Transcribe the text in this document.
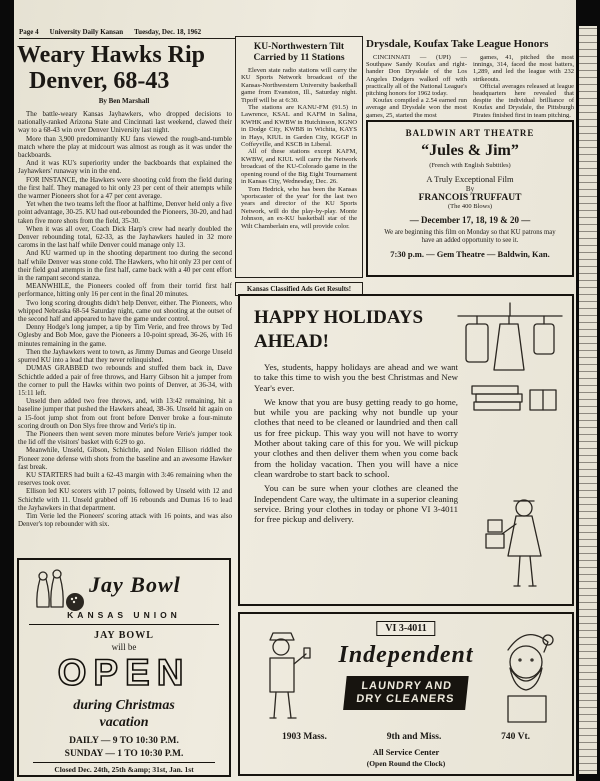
Page 4 University Daily Kansan Tuesday, Dec. 18, 1962
Weary Hawks Rip
Denver, 68-43
By Ben Marshall

The battle-weary Kansas Jayhawkers, who dropped decisions to nationally-ranked Arizona State and Cincinnati last weekend, clawed their way to a 68-43 win over Denver University last night.

More than 3,900 predominantly KU fans viewed the rough-and-tumble match where the play at midcourt was almost as rough as it was under the backboards.

And it was KU's superiority under the backboards that explained the Jayhawkers' runaway win in the end.

FOR INSTANCE, the Hawkers were shooting cold from the field during the first half. They managed to hit only 23 per cent of their attempts while the warmer Pioneers shot for a 47 per cent average.

Yet when the two teams left the floor at halftime, Denver held only a five point advantage, 30-25. KU had out-rebounded the Pioneers, 30-20, and had taken five more shots from the field, 35-30.

When it was all over, Coach Dick Harp's crew had nearly doubled the Denver rebounding total, 62-33, as the Jayhawkers hauled in 32 more caroms in the last half while Denver could manage only 13.

And KU warmed up in the shooting department too during the second half while Denver was stone cold. The Hawkers, who hit only 23 per cent of their field goal attempts in the first half, came back with a 40 per cent effort in the rampant second stanza.

MEANWHILE, the Pioneers cooled off from their torrid first half performance, hitting only 16 per cent in the final 20 minutes.

Two long scoring droughts didn't help Denver, either. The Pioneers, who whipped Nebraska 68-54 Saturday night, came out shooting at the outset of the second half and appeared to have the game under control.

Denny Hodge's long jumper, a tip by Tim Verie, and free throws by Ted Oglesby and Bob Moe, gave the Pioneers a 10-point spread, 36-26, with 16 minutes remaining in the game.

Then the Jayhawkers went to town, as Jimmy Dumas and George Unseld spurred KU into a lead that they never relinquished.

DUMAS GRABBED two rebounds and stuffed them back in, Dave Schichtle added a pair of free throws, and Harry Gibson hit a jumper from the corner to pull the Hawks within two points of Denver, at 36-34, with 15:11 left.

Unseld then added two free throws, and, with 13:42 remaining, hit a baseline jumper that pushed the Hawkers ahead, 38-36. Unseld hit again on a 15-foot jump shot from out front before Denver broke a four-minute scoring drouth on Don Slys free throw and Verie's tip in.

The Pioneers then went seven more minutes before Verie's jumper took the lid off the visitors' basket with 6:29 to go.

Meanwhile, Unseld, Gibson, Schichtle, and Nolen Ellison riddled the Pioneer zone defense with shots from the baseline and an awesome Hawker fast break.

KU STARTERS had built a 62-43 margin with 3:46 remaining when the reserves took over.

Ellison led KU scorers with 17 points, followed by Unseld with 12 and Schichtle with 11. Unseld grabbed off 16 rebounds and Dumas 16 to lead the Jayhawkers in that department.

Tim Verie led the Pioneers' scoring attack with 16 points, and was also Denver's top rebounder with six.

KU-Northwestern Tilt
Carried by 11 Stations

Eleven state radio stations will carry the KU Sports Network broadcast of the Kansas-Northwestern University basketball game from Evanston, Ill., Saturday night. Tipoff will be at 6:30.

The stations are KANU-FM (91.5) in Lawrence, KSAL and KAFM in Salina, KWHK and KWBW in Hutchinson, KGNO in Dodge City, KWBB in Wichita, KAYS in Hays, KIUL in Garden City, KGGF in Coffeyville, and KSCB in Liberal.

All of these stations except KAFM, KWBW, and KIUL will carry the Network broadcast of the KU-Colorado game in the opening round of the Big Eight Tournament in Kansas City, Wednesday, Dec. 26.

Tom Hedrick, who has been the Kansas 'sportscaster of the year' for the last two years and director of the KU Sports Network, will do the play-by-play. Monte Johnson, an ex-KU basketball star of the Wilt Chamberlain era, will provide color.

Kansas Classified Ads Get Results!
Drysdale, Koufax Take League Honors

CINCINNATI — (UPI) — Southpaw Sandy Koufax and right-hander Don Drysdale of the Los Angeles Dodgers walked off with practically all of the National League's pitching honors for 1962 today.

Koufax compiled a 2.54 earned run average and Drysdale won the most games, 25, started the most

games, 41, pitched the most innings, 314, faced the most batters, 1,289, and led the league with 232 strikeouts.

Official averages released at league headquarters here revealed that despite the individual brilliance of Koufax and Drysdale, the Pittsburgh Pirates finished first in team pitching.

BALDWIN ART THEATRE
“Jules & Jim”
(French with English Subtitles)
A Truly Exceptional Film
By
FRANCOIS TRUFFAUT
(The 400 Blows)
— December 17, 18, 19 & 20 —
We are beginning this film on Monday so that KU patrons may have an added opportunity to see it.
7:30 p.m. — Gem Theatre — Baldwin, Kan.
HAPPY HOLIDAYS
AHEAD!

Yes, students, happy holidays are ahead and we want to take this time to wish you the best Christmas and New Year's ever.

We know that you are busy getting ready to go home, but while you are packing why not bundle up your clothes that need to be cleaned or laundried and then call us for free pickup. This way you will not have to worry Mother about taking care of this for you. We will pickup your clothes and then deliver them when you come back from the holiday vacation. Then you will have a nice clean wardrobe to start back to school.

You can be sure when your clothes are cleaned the Independent Care way, the ultimate in a superior cleaning service. Bring your clothes in today or phone VI 3-4011 for free pickup and delivery.

VI 3-4011
Independent
LAUNDRY AND
DRY CLEANERS
1903 Mass.	9th and Miss.	740 Vt.
All Service Center
(Open Round the Clock)
Jay Bowl
KANSAS UNION
JAY BOWL
will be
OPEN
during Christmas
vacation
DAILY — 9 TO 10:30 P.M.
SUNDAY — 1 TO 10:30 P.M.
Closed Dec. 24th, 25th &amp; 31st, Jan. 1st
